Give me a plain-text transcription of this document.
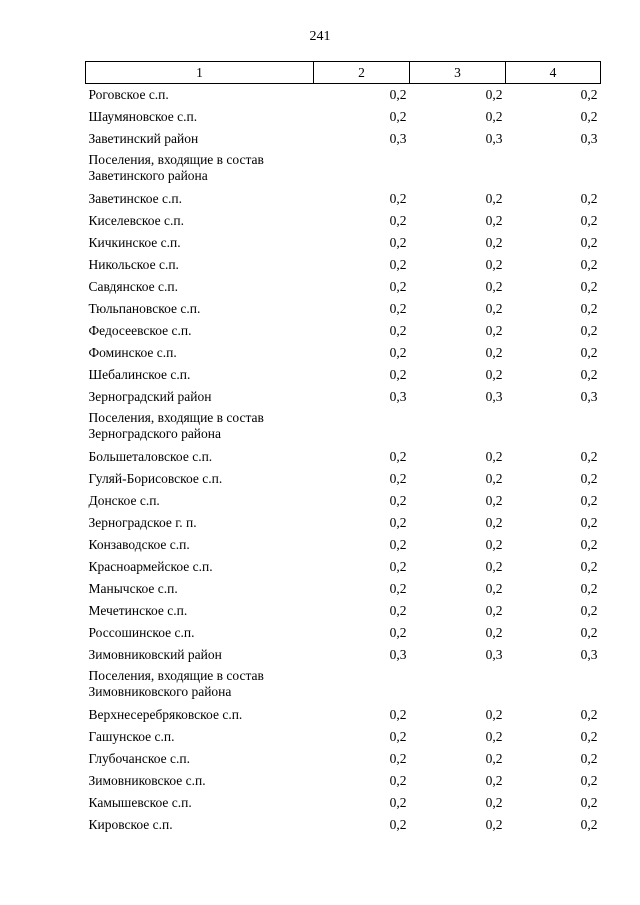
241
1	2	3	4
Роговское с.п.	0,2	0,2	0,2
Шаумяновское с.п.	0,2	0,2	0,2
Заветинский район	0,3	0,3	0,3
Поселения, входящие в состав Заветинского района			
Заветинское с.п.	0,2	0,2	0,2
Киселевское с.п.	0,2	0,2	0,2
Кичкинское с.п.	0,2	0,2	0,2
Никольское с.п.	0,2	0,2	0,2
Савдянское с.п.	0,2	0,2	0,2
Тюльпановское с.п.	0,2	0,2	0,2
Федосеевское с.п.	0,2	0,2	0,2
Фоминское с.п.	0,2	0,2	0,2
Шебалинское с.п.	0,2	0,2	0,2
Зерноградский район	0,3	0,3	0,3
Поселения, входящие в состав Зерноградского района			
Большеталовское с.п.	0,2	0,2	0,2
Гуляй-Борисовское с.п.	0,2	0,2	0,2
Донское с.п.	0,2	0,2	0,2
Зерноградское г. п.	0,2	0,2	0,2
Конзаводское с.п.	0,2	0,2	0,2
Красноармейское с.п.	0,2	0,2	0,2
Манычское с.п.	0,2	0,2	0,2
Мечетинское с.п.	0,2	0,2	0,2
Россошинское с.п.	0,2	0,2	0,2
Зимовниковский район	0,3	0,3	0,3
Поселения, входящие в состав Зимовниковского района			
Верхнесеребряковское с.п.	0,2	0,2	0,2
Гашунское с.п.	0,2	0,2	0,2
Глубочанское с.п.	0,2	0,2	0,2
Зимовниковское с.п.	0,2	0,2	0,2
Камышевское с.п.	0,2	0,2	0,2
Кировское с.п.	0,2	0,2	0,2
